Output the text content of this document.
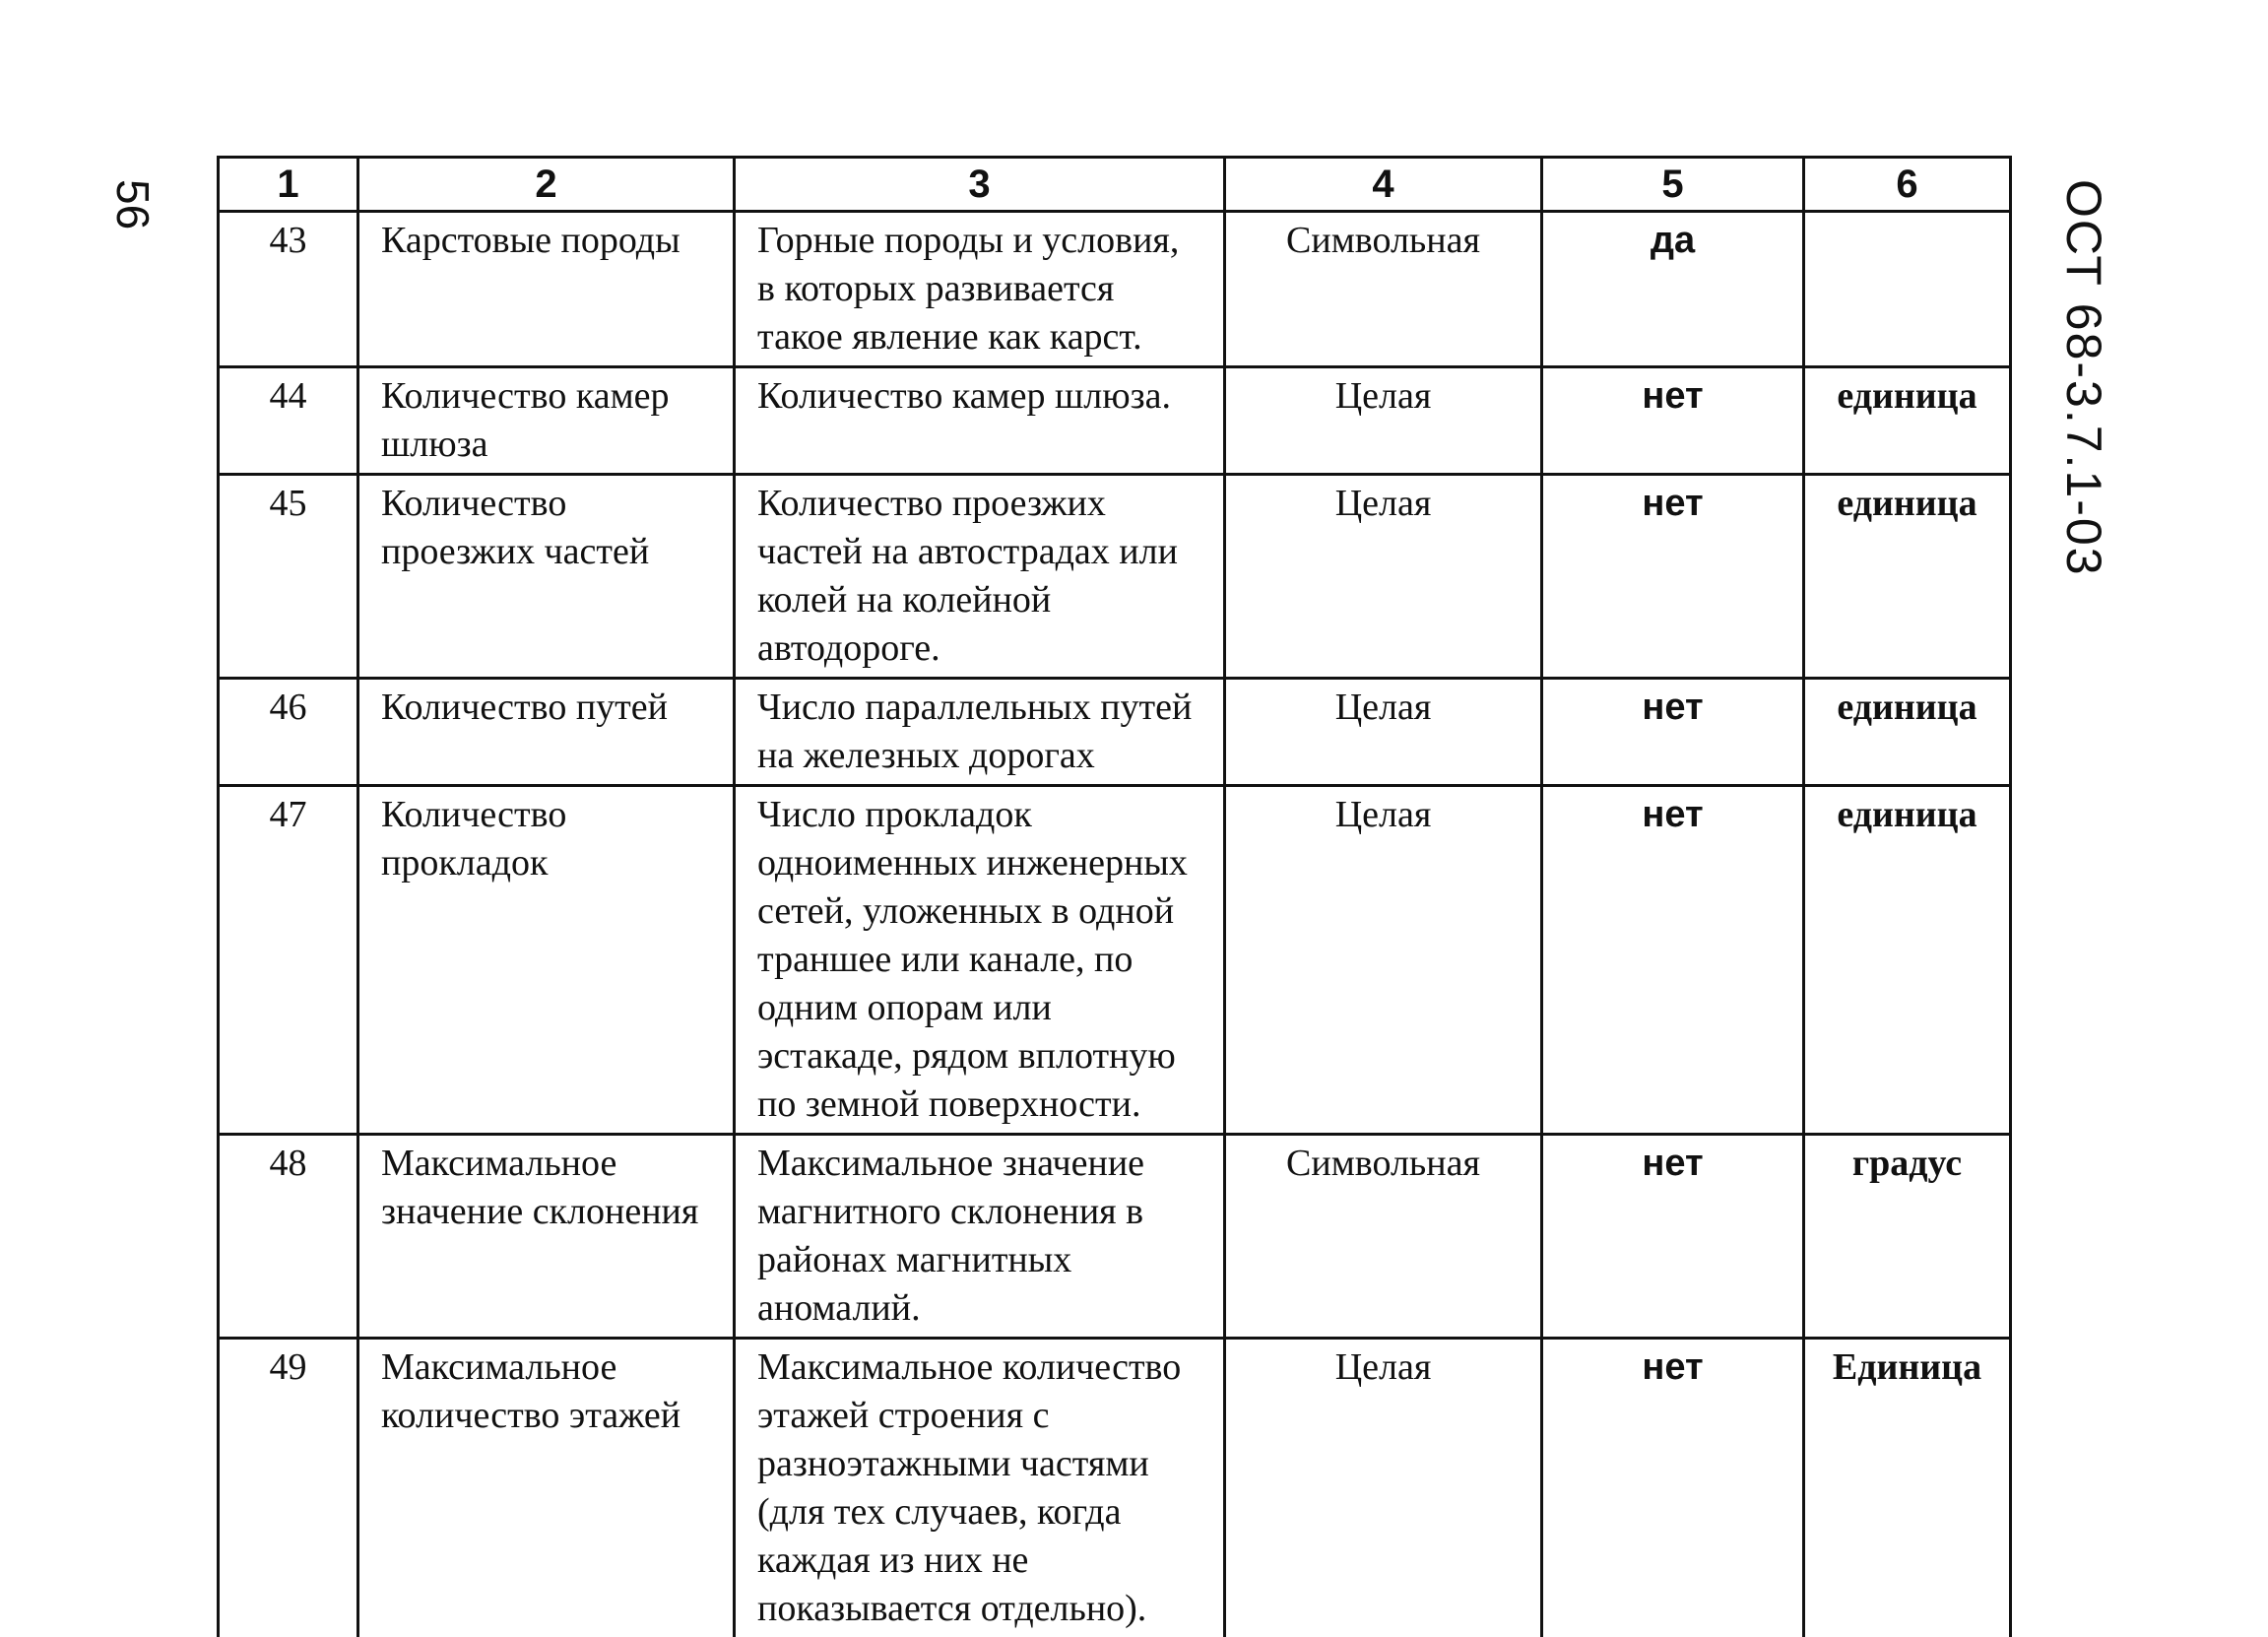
56	ОСТ 68-3.7.1-03
1	2	3	4	5	6
43	Карстовые породы	Горные породы и условия, в которых развивается такое явление как карст.	Символьная	да	
44	Количество камер шлюза	Количество камер шлюза.	Целая	нет	единица
45	Количество проезжих частей	Количество проезжих частей на автострадах или колей на колейной автодороге.	Целая	нет	единица
46	Количество путей	Число параллельных путей на железных дорогах	Целая	нет	единица
47	Количество прокладок	Число прокладок одноименных инженерных сетей, уложенных в одной траншее или канале, по одним опорам или эстакаде, рядом вплотную по земной поверхности.	Целая	нет	единица
48	Максимальное значение склонения	Максимальное значение магнитного склонения в районах магнитных аномалий.	Символьная	нет	градус
49	Максимальное количество этажей	Максимальное количество этажей строения с разноэтажными частями (для тех случаев, когда каждая из них не показывается отдельно).	Целая	нет	Единица
